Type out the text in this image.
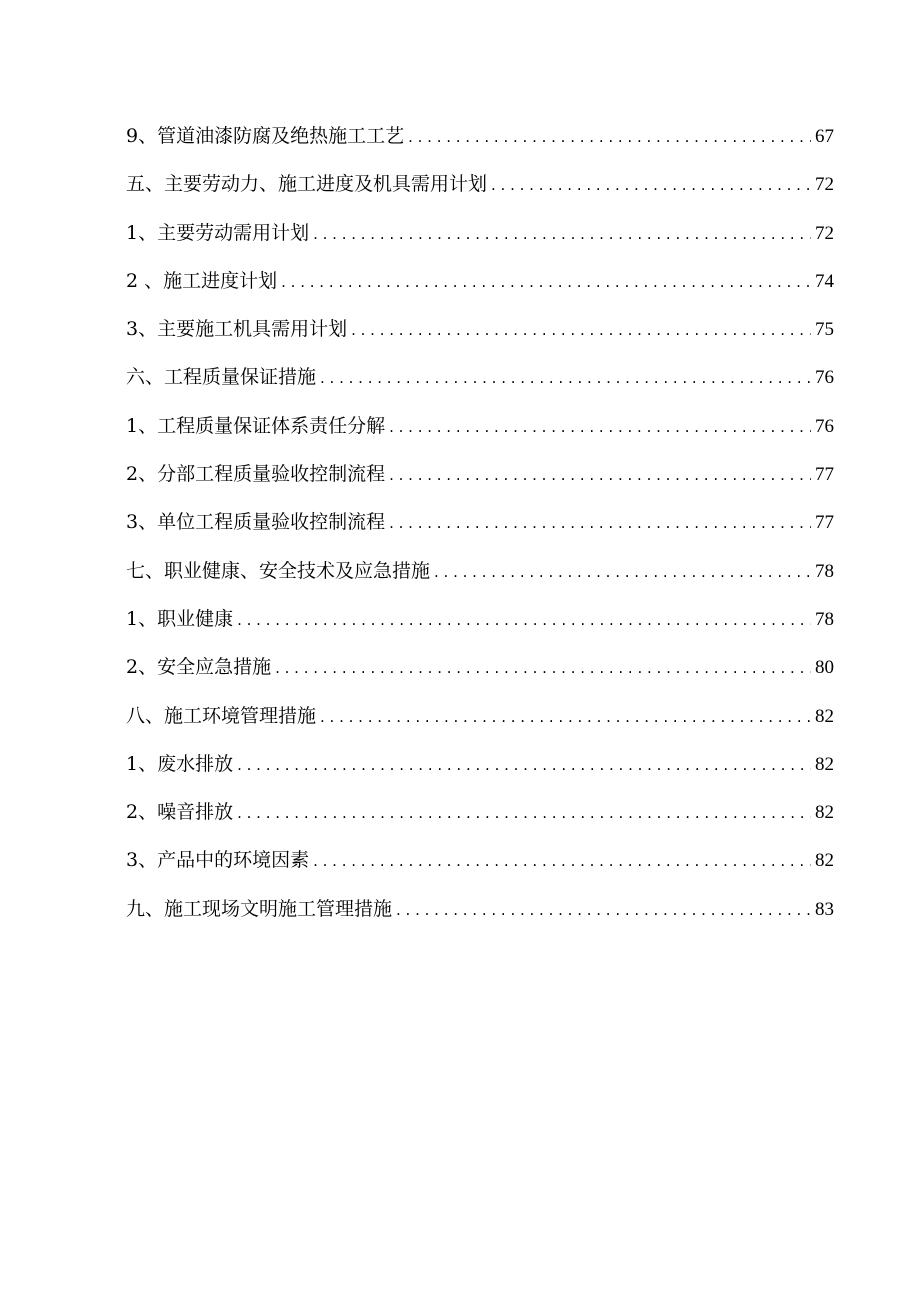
9、管道油漆防腐及绝热施工工艺 . . .	67
五、主要劳动力、施工进度及机具需用计划 . . .	72
1、主要劳动需用计划 . . .	72
2 、施工进度计划 . . .	74
3、主要施工机具需用计划 . . .	75
六、工程质量保证措施 . . .	76
1、工程质量保证体系责任分解 . . .	76
2、分部工程质量验收控制流程 . . .	77
3、单位工程质量验收控制流程 . . .	77
七、职业健康、安全技术及应急措施 . . .	78
1、职业健康 . . .	78
2、安全应急措施 . . .	80
八、施工环境管理措施 . . .	82
1、废水排放 . . .	82
2、噪音排放 . . .	82
3、产品中的环境因素 . . .	82
九、施工现场文明施工管理措施 . . .	83
